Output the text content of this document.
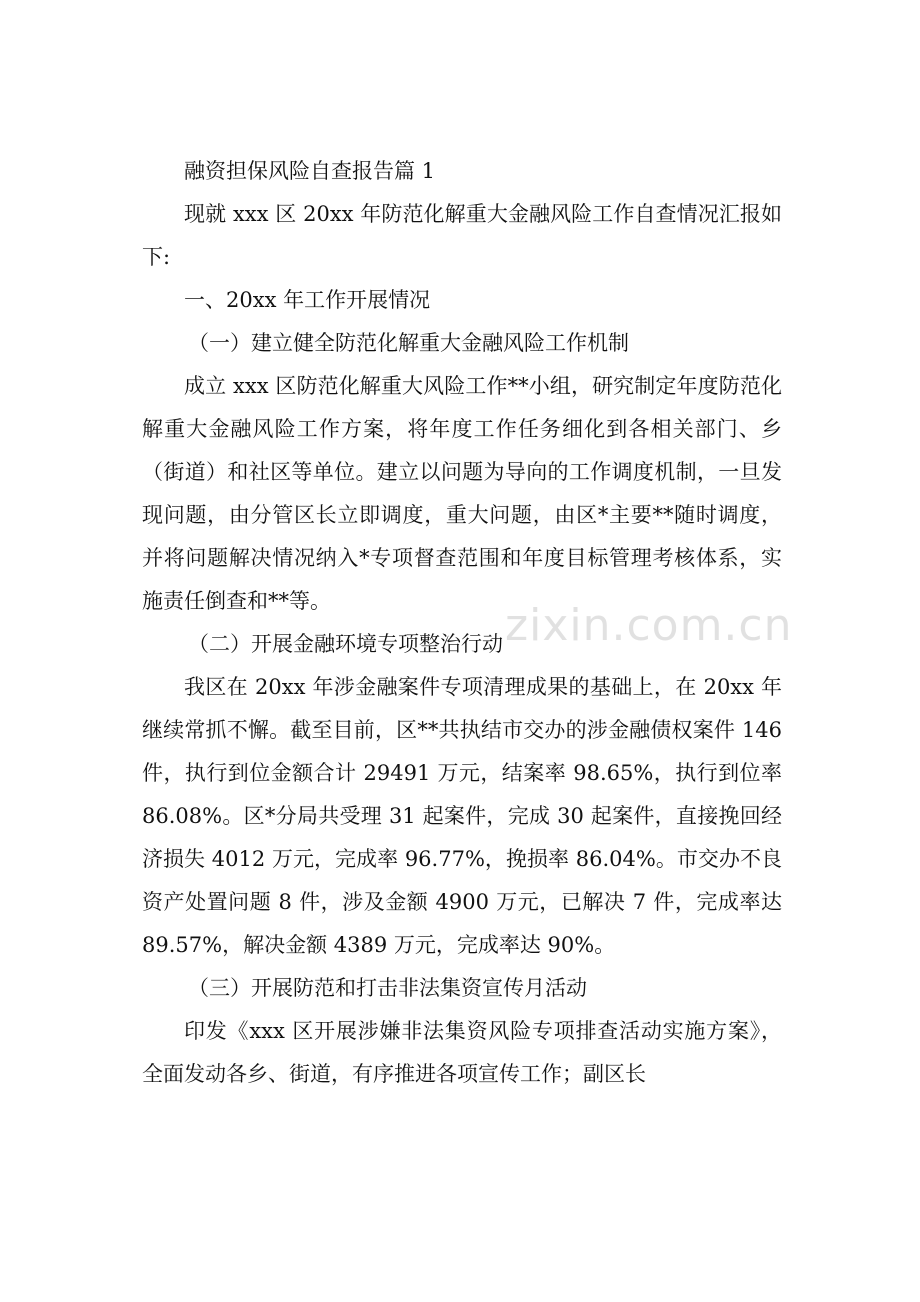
融资担保风险自查报告篇 1

现就 xxx 区 20xx 年防范化解重大金融风险工作自查情况汇报如下:

一、20xx 年工作开展情况

（一）建立健全防范化解重大金融风险工作机制

成立 xxx 区防范化解重大风险工作**小组，研究制定年度防范化解重大金融风险工作方案，将年度工作任务细化到各相关部门、乡（街道）和社区等单位。建立以问题为导向的工作调度机制，一旦发现问题，由分管区长立即调度，重大问题，由区*主要**随时调度，并将问题解决情况纳入*专项督查范围和年度目标管理考核体系，实施责任倒查和**等。

（二）开展金融环境专项整治行动

我区在 20xx 年涉金融案件专项清理成果的基础上，在 20xx 年继续常抓不懈。截至目前，区**共执结市交办的涉金融债权案件 146 件，执行到位金额合计 29491 万元，结案率 98.65%，执行到位率 86.08%。区*分局共受理 31 起案件，完成 30 起案件，直接挽回经济损失 4012 万元，完成率 96.77%，挽损率 86.04%。市交办不良资产处置问题 8 件，涉及金额 4900 万元，已解决 7 件，完成率达 89.57%，解决金额 4389 万元，完成率达 90%。

（三）开展防范和打击非法集资宣传月活动

印发《xxx 区开展涉嫌非法集资风险专项排查活动实施方案》，全面发动各乡、街道，有序推进各项宣传工作；副区长

zixin.com.cn
